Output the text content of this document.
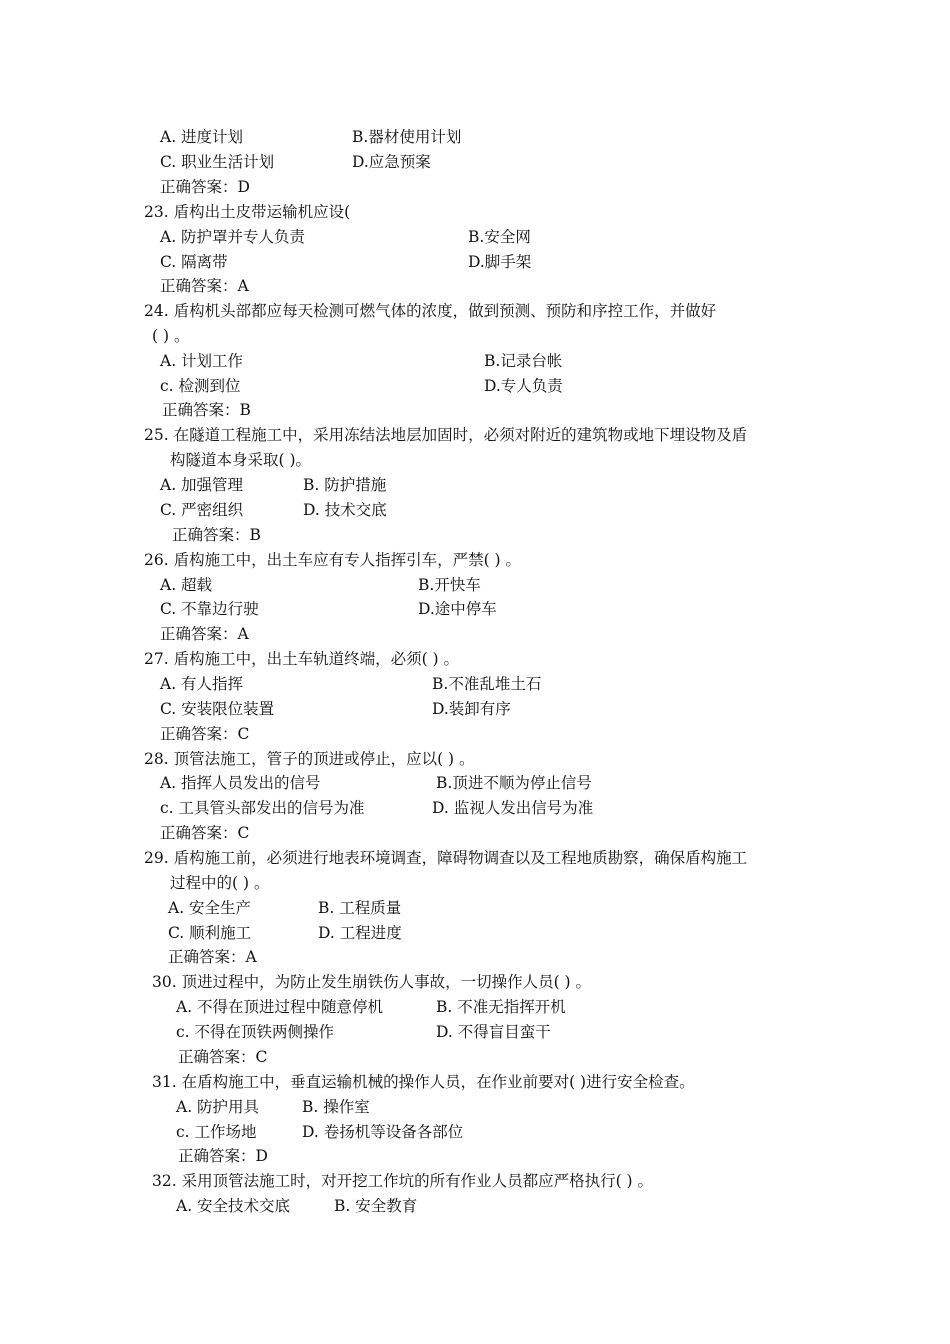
A. 进度计划	B.器材使用计划
C. 职业生活计划	D.应急预案
正确答案：D
23. 盾构出土皮带运输机应设(
A. 防护罩并专人负责	B.安全网
C. 隔离带	D.脚手架
正确答案：A
24. 盾构机头部都应每天检测可燃气体的浓度，做到预测、预防和序控工作，并做好
( ) 。
A. 计划工作	B.记录台帐
c. 检测到位	D.专人负责
正确答案：B
25. 在隧道工程施工中，采用冻结法地层加固时，必须对附近的建筑物或地下埋设物及盾
构隧道本身采取( )。
A. 加强管理	B. 防护措施
C. 严密组织	D. 技术交底
正确答案：B
26. 盾构施工中，出土车应有专人指挥引车，严禁( ) 。
A. 超载	B.开快车
C. 不靠边行驶	D.途中停车
正确答案：A
27. 盾构施工中，出土车轨道终端，必须( ) 。
A. 有人指挥	B.不准乱堆土石
C. 安装限位装置	D.装卸有序
正确答案：C
28. 顶管法施工，管子的顶进或停止，应以( ) 。
A. 指挥人员发出的信号	B.顶进不顺为停止信号
c. 工具管头部发出的信号为准	D. 监视人发出信号为准
正确答案：C
29. 盾构施工前，必须进行地表环境调查，障碍物调查以及工程地质勘察，确保盾构施工
过程中的( ) 。
A. 安全生产	B. 工程质量
C. 顺利施工	D. 工程进度
正确答案：A
30. 顶进过程中，为防止发生崩铁伤人事故，一切操作人员( ) 。
A. 不得在顶进过程中随意停机	B. 不准无指挥开机
c. 不得在顶铁两侧操作	D. 不得盲目蛮干
正确答案：C
31. 在盾构施工中，垂直运输机械的操作人员，在作业前要对( )进行安全检查。
A. 防护用具	B. 操作室
c. 工作场地	D. 卷扬机等设备各部位
正确答案：D
32. 采用顶管法施工时，对开挖工作坑的所有作业人员都应严格执行( ) 。
A. 安全技术交底	B. 安全教育
